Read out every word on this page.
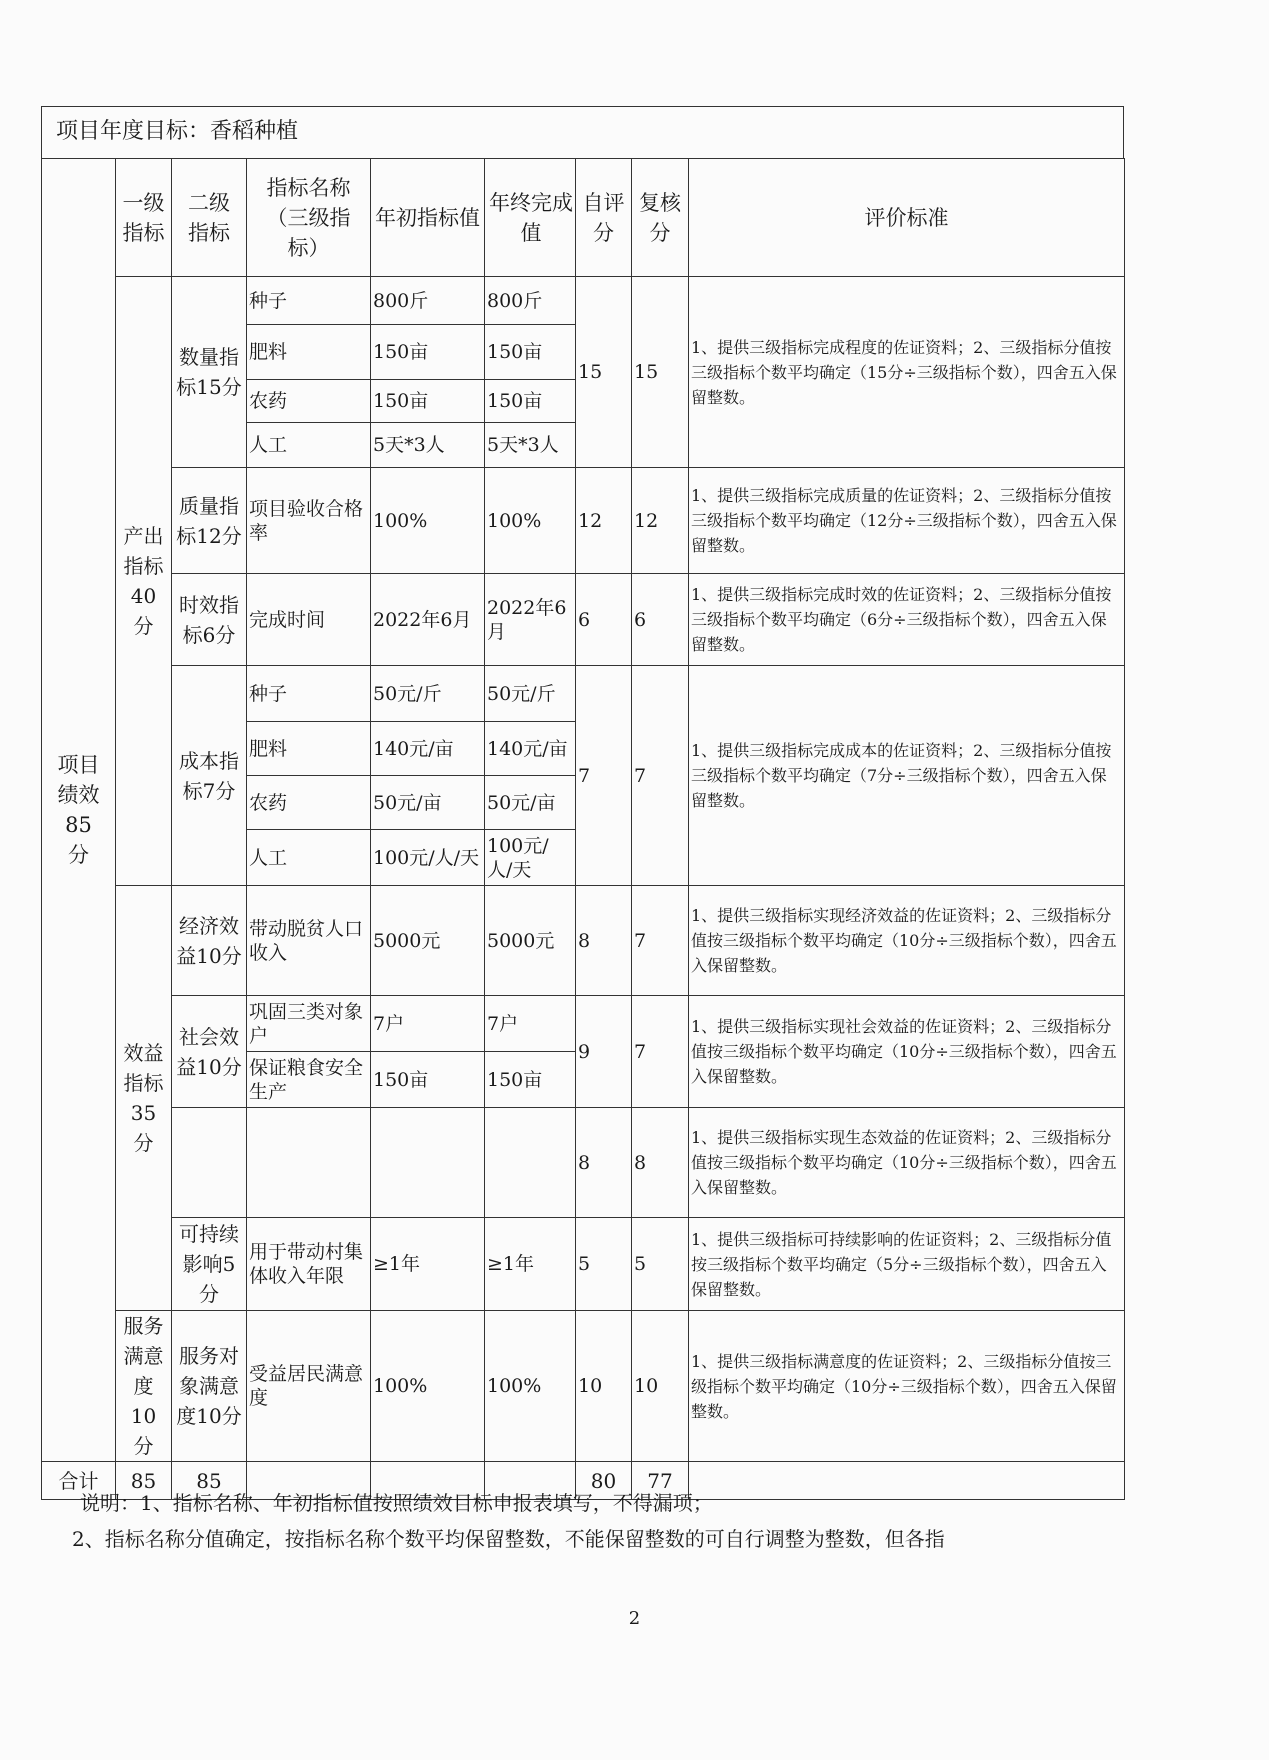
项目年度目标：香稻种植
项目绩效85分	一级指标	二级指标	指标名称（三级指标）	年初指标值	年终完成值	自评分	复核分	评价标准

	产出指标40分	数量指标15分	种子	800斤	800斤	15	15	1、提供三级指标完成程度的佐证资料；2、三级指标分值按三级指标个数平均确定（15分÷三级指标个数），四舍五入保留整数。
			肥料	150亩	150亩			
			农药	150亩	150亩			
			人工	5天*3人	5天*3人			

		质量指标12分	项目验收合格率	100%	100%	12	12	1、提供三级指标完成质量的佐证资料；2、三级指标分值按三级指标个数平均确定（12分÷三级指标个数），四舍五入保留整数。

		时效指标6分	完成时间	2022年6月	2022年6月	6	6	1、提供三级指标完成时效的佐证资料；2、三级指标分值按三级指标个数平均确定（6分÷三级指标个数），四舍五入保留整数。

		成本指标7分	种子	50元/斤	50元/斤	7	7	1、提供三级指标完成成本的佐证资料；2、三级指标分值按三级指标个数平均确定（7分÷三级指标个数），四舍五入保留整数。
			肥料	140元/亩	140元/亩			
			农药	50元/亩	50元/亩			
			人工	100元/人/天	100元/人/天			

	效益指标35分	经济效益10分	带动脱贫人口收入	5000元	5000元	8	7	1、提供三级指标实现经济效益的佐证资料；2、三级指标分值按三级指标个数平均确定（10分÷三级指标个数），四舍五入保留整数。

		社会效益10分	巩固三类对象户	7户	7户	9	7	1、提供三级指标实现社会效益的佐证资料；2、三级指标分值按三级指标个数平均确定（10分÷三级指标个数），四舍五入保留整数。
			保证粮食安全生产	150亩	150亩			
						8	8	1、提供三级指标实现生态效益的佐证资料；2、三级指标分值按三级指标个数平均确定（10分÷三级指标个数），四舍五入保留整数。

		可持续影响5分	用于带动村集体收入年限	≥1年	≥1年	5	5	1、提供三级指标可持续影响的佐证资料；2、三级指标分值按三级指标个数平均确定（5分÷三级指标个数），四舍五入保留整数。

	服务满意度10分	服务对象满意度10分	受益居民满意度	100%	100%	10	10	1、提供三级指标满意度的佐证资料；2、三级指标分值按三级指标个数平均确定（10分÷三级指标个数），四舍五入保留整数。
合计	85	85				80	77	
说明：1、指标名称、年初指标值按照绩效目标申报表填写，不得漏项；
2、指标名称分值确定，按指标名称个数平均保留整数，不能保留整数的可自行调整为整数，但各指
2
